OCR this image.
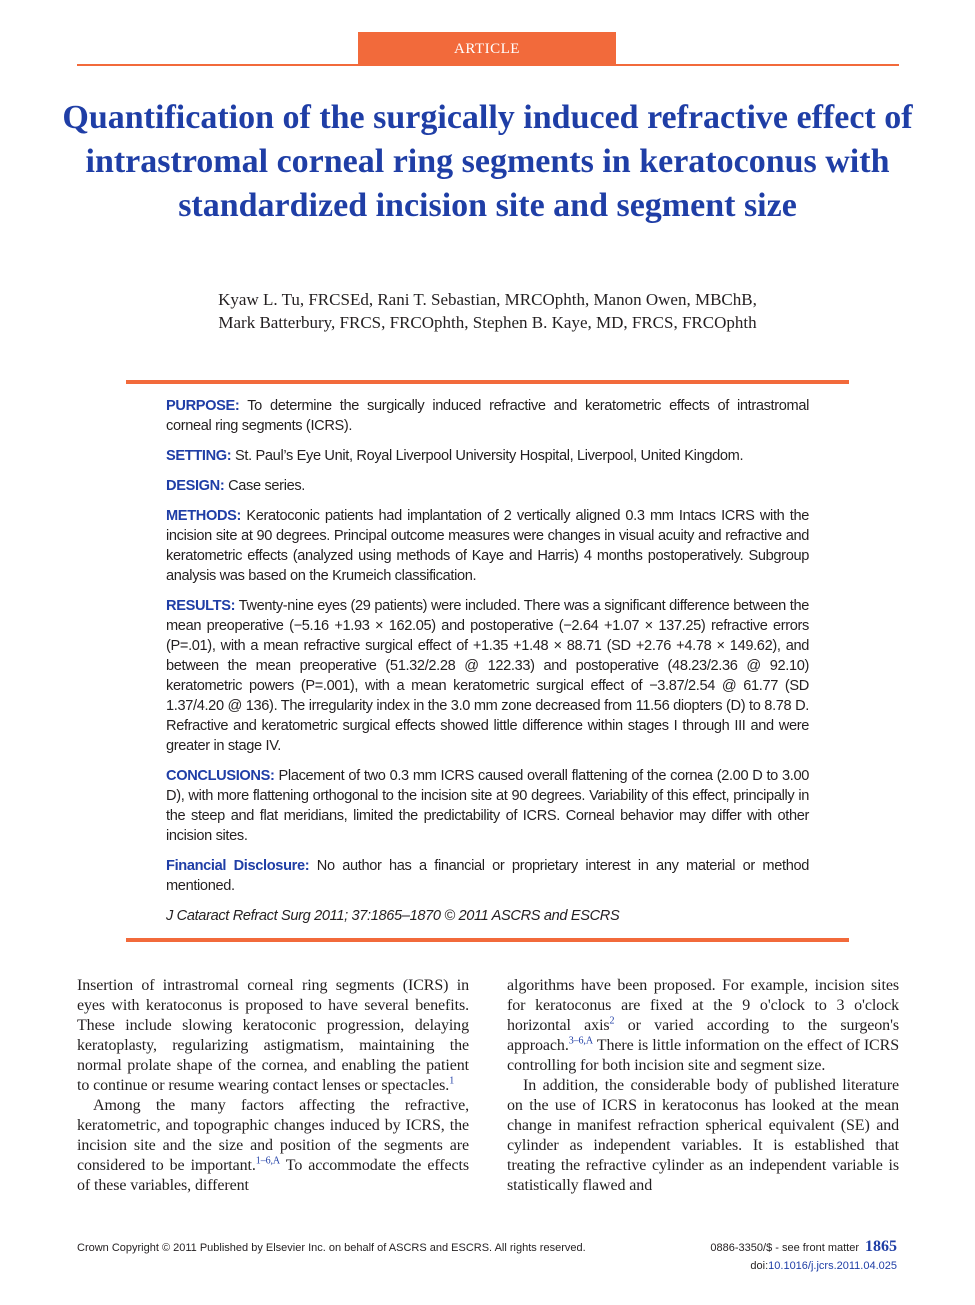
ARTICLE
Quantification of the surgically induced refractive effect of intrastromal corneal ring segments in keratoconus with standardized incision site and segment size
Kyaw L. Tu, FRCSEd, Rani T. Sebastian, MRCOphth, Manon Owen, MBChB,
Mark Batterbury, FRCS, FRCOphth, Stephen B. Kaye, MD, FRCS, FRCOphth

PURPOSE: To determine the surgically induced refractive and keratometric effects of intrastromal corneal ring segments (ICRS).

SETTING: St. Paul’s Eye Unit, Royal Liverpool University Hospital, Liverpool, United Kingdom.

DESIGN: Case series.

METHODS: Keratoconic patients had implantation of 2 vertically aligned 0.3 mm Intacs ICRS with the incision site at 90 degrees. Principal outcome measures were changes in visual acuity and refractive and keratometric effects (analyzed using methods of Kaye and Harris) 4 months postoperatively. Subgroup analysis was based on the Krumeich classification.

RESULTS: Twenty-nine eyes (29 patients) were included. There was a significant difference between the mean preoperative (−5.16 +1.93 × 162.05) and postoperative (−2.64 +1.07 × 137.25) refractive errors (P=.01), with a mean refractive surgical effect of +1.35 +1.48 × 88.71 (SD +2.76 +4.78 × 149.62), and between the mean preoperative (51.32/2.28 @ 122.33) and postoperative (48.23/2.36 @ 92.10) keratometric powers (P=.001), with a mean keratometric surgical effect of −3.87/2.54 @ 61.77 (SD 1.37/4.20 @ 136). The irregularity index in the 3.0 mm zone decreased from 11.56 diopters (D) to 8.78 D. Refractive and keratometric surgical effects showed little difference within stages I through III and were greater in stage IV.

CONCLUSIONS: Placement of two 0.3 mm ICRS caused overall flattening of the cornea (2.00 D to 3.00 D), with more flattening orthogonal to the incision site at 90 degrees. Variability of this effect, principally in the steep and flat meridians, limited the predictability of ICRS. Corneal behavior may differ with other incision sites.

Financial Disclosure: No author has a financial or proprietary interest in any material or method mentioned.

J Cataract Refract Surg 2011; 37:1865–1870 © 2011 ASCRS and ESCRS

Insertion of intrastromal corneal ring segments (ICRS) in eyes with keratoconus is proposed to have several benefits. These include slowing keratoconic progression, delaying keratoplasty, regularizing astigmatism, maintaining the normal prolate shape of the cornea, and enabling the patient to continue or resume wearing contact lenses or spectacles.$^1$

Among the many factors affecting the refractive, keratometric, and topographic changes induced by ICRS, the incision site and the size and position of the segments are considered to be important.$^{1-6,A}$ To accommodate the effects of these variables, different

algorithms have been proposed. For example, incision sites for keratoconus are fixed at the 9 o'clock to 3 o'clock horizontal axis$^2$ or varied according to the surgeon's approach.$^{3-6,A}$ There is little information on the effect of ICRS controlling for both incision site and segment size.

In addition, the considerable body of published literature on the use of ICRS in keratoconus has looked at the mean change in manifest refraction spherical equivalent (SE) and cylinder as independent variables. It is established that treating the refractive cylinder as an independent variable is statistically flawed and

Crown Copyright © 2011 Published by Elsevier Inc. on behalf of ASCRS and ESCRS. All rights reserved.	0886-3350/$ - see front matter 1865
doi:10.1016/j.jcrs.2011.04.025
